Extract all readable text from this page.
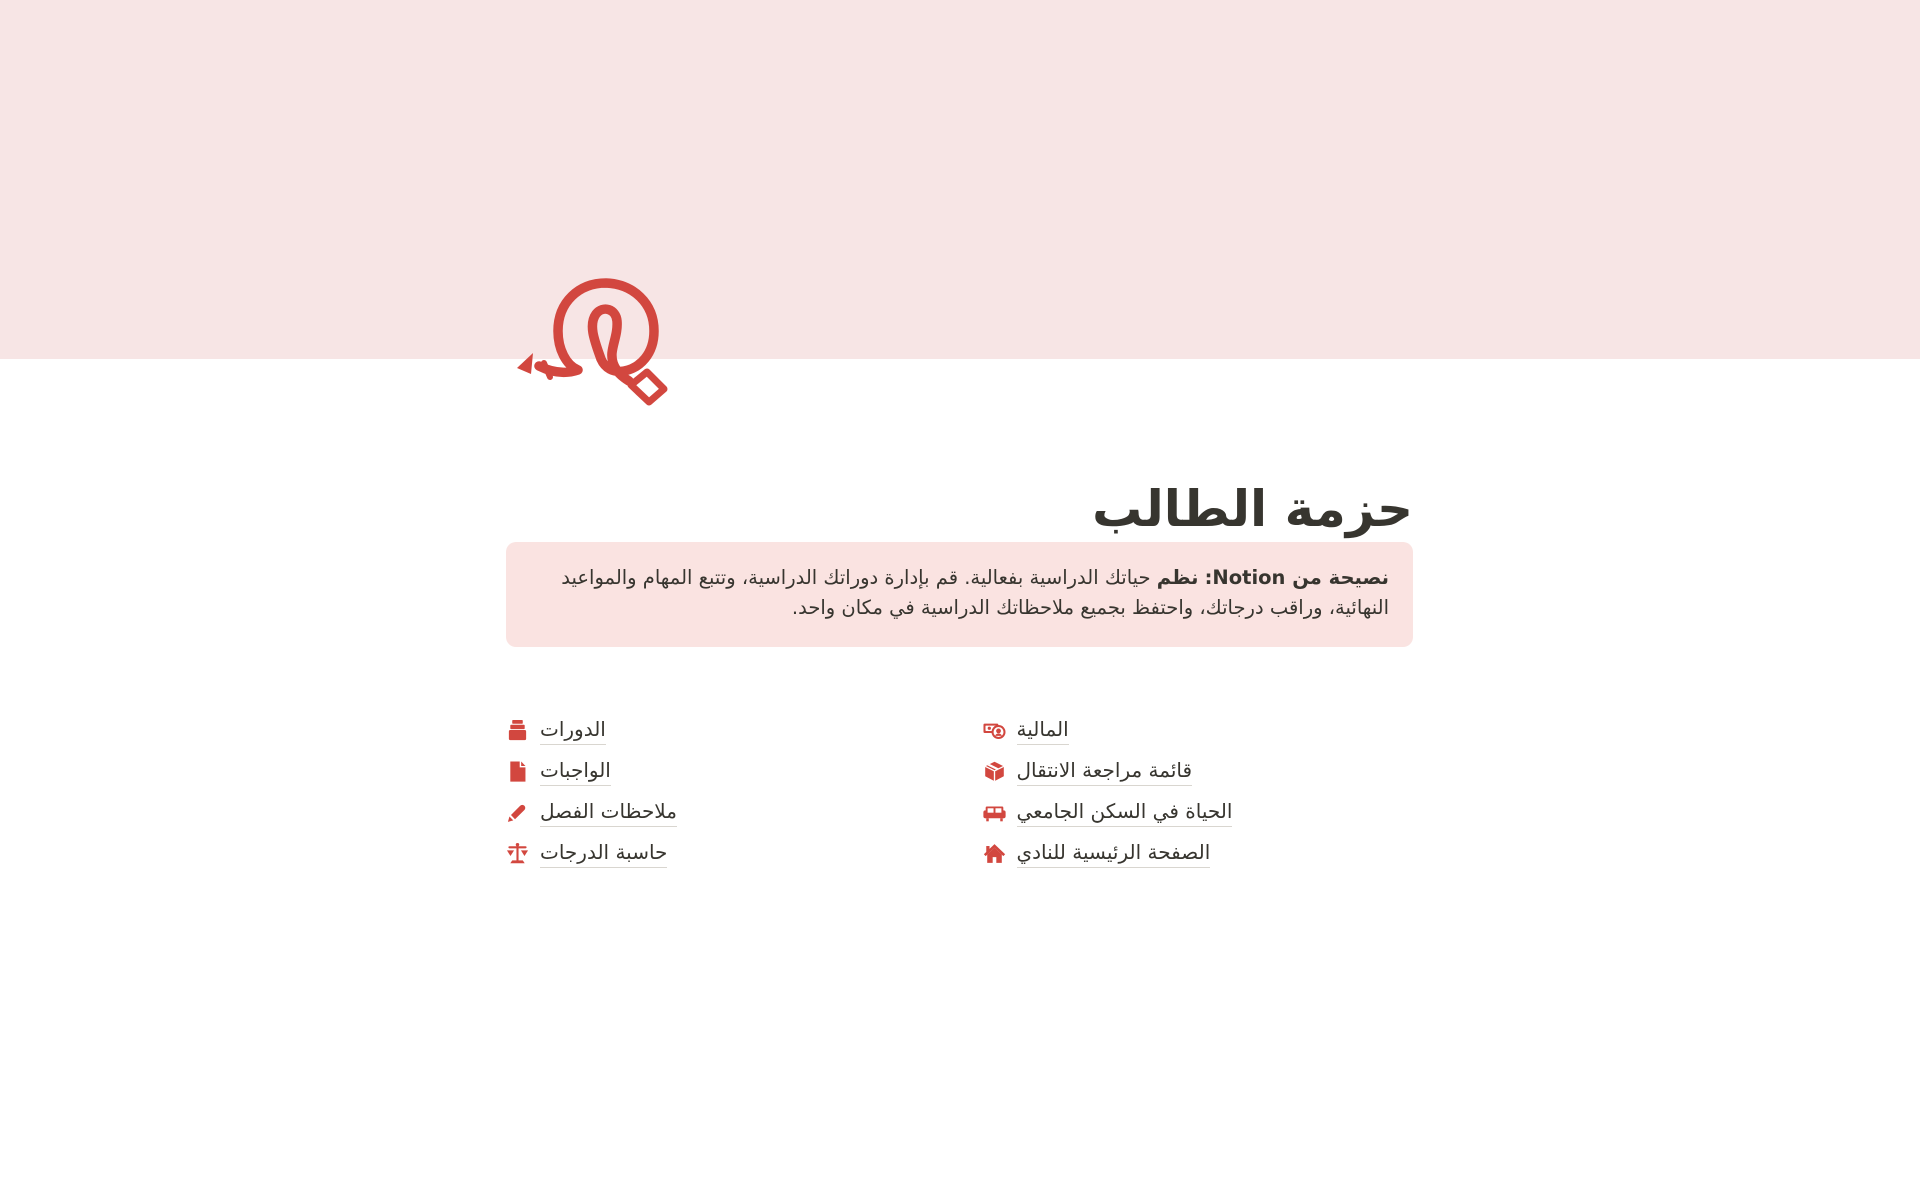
حزمة الطالب
نصيحة من Notion: نظم حياتك الدراسية بفعالية. قم بإدارة دوراتك الدراسية، وتتبع المهام والمواعيد النهائية، وراقب درجاتك، واحتفظ بجميع ملاحظاتك الدراسية في مكان واحد.
الدورات
الواجبات
ملاحظات الفصل
حاسبة الدرجات
المالية
قائمة مراجعة الانتقال
الحياة في السكن الجامعي
الصفحة الرئيسية للنادي
